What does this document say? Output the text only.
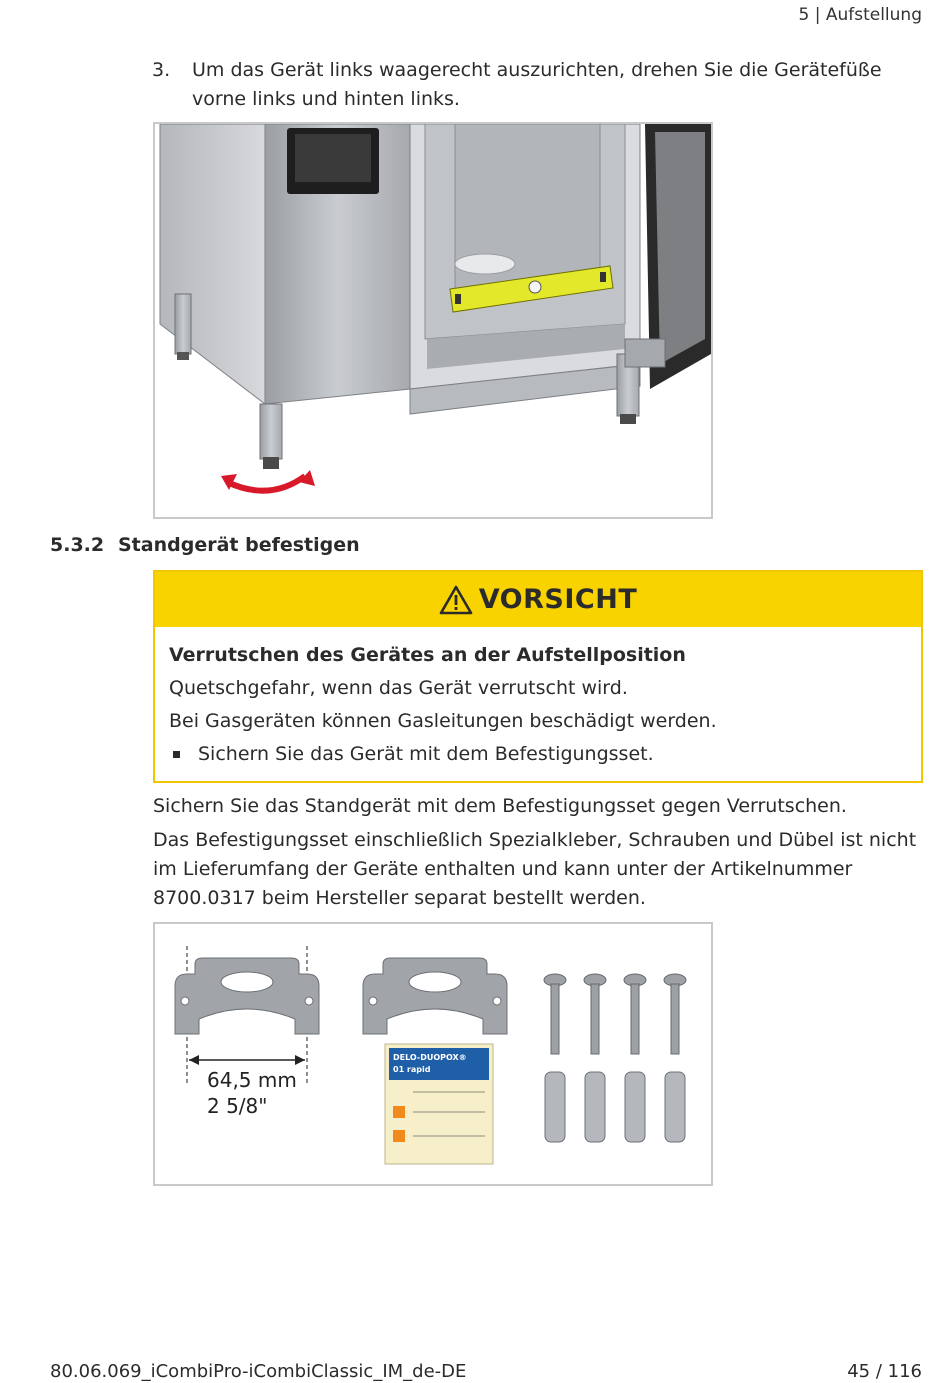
5 | Aufstellung
3. Um das Gerät links waagerecht auszurichten, drehen Sie die Gerätefüße vorne links und hinten links.
5.3.2 Standgerät befestigen
VORSICHT
Verrutschen des Gerätes an der Aufstellposition
Quetschgefahr, wenn das Gerät verrutscht wird.
Bei Gasgeräten können Gasleitungen beschädigt werden.
Sichern Sie das Gerät mit dem Befestigungsset.
Sichern Sie das Standgerät mit dem Befestigungsset gegen Verrutschen.
Das Befestigungsset einschließlich Spezialkleber, Schrauben und Dübel ist nicht im Lieferumfang der Geräte enthalten und kann unter der Artikelnummer 8700.0317 beim Hersteller separat bestellt werden.
64,5 mm
2 5/8"
DELO-DUOPOX®
01 rapid
80.06.069_iCombiPro-iCombiClassic_IM_de-DE	45 / 116
